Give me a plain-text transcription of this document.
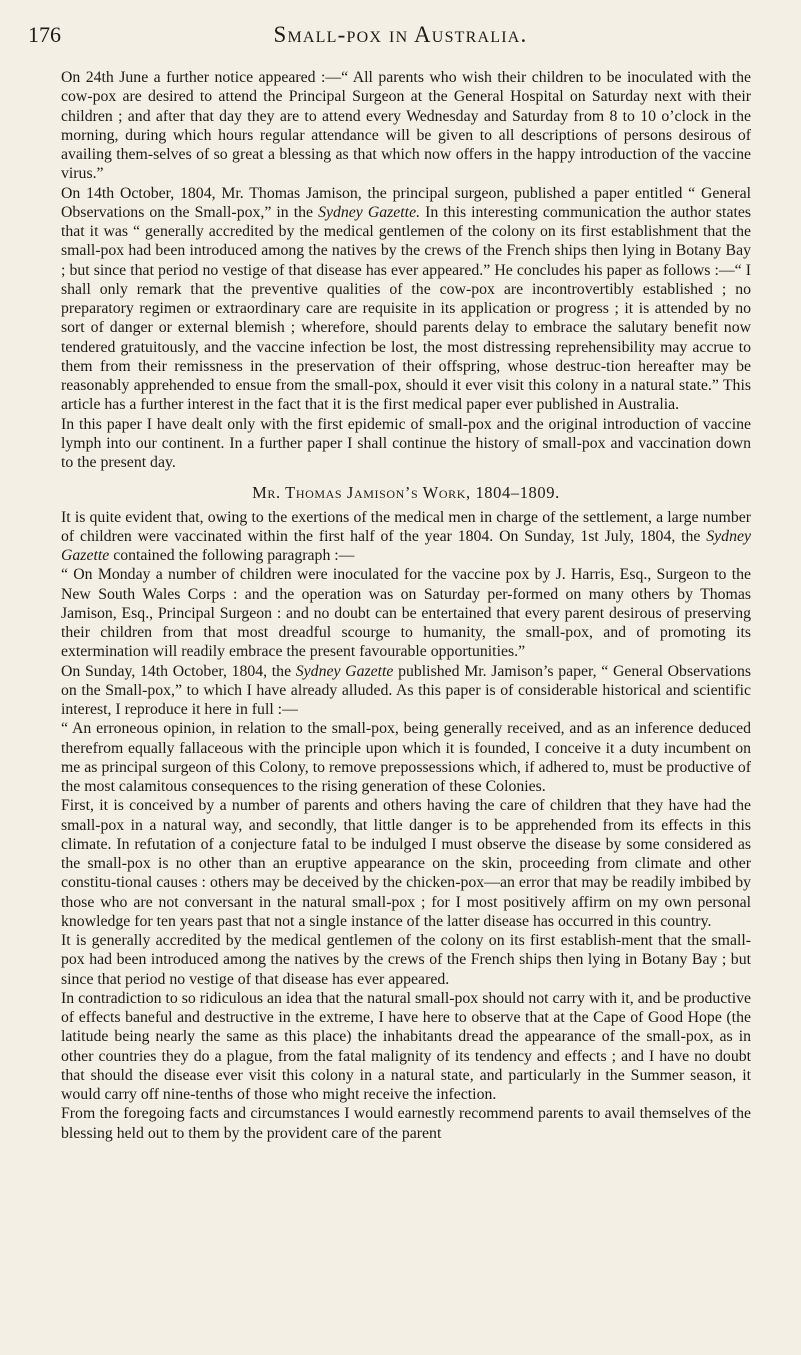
176	Small-pox in Australia.

On 24th June a further notice appeared :—“ All parents who wish their children to be inoculated with the cow-pox are desired to attend the Principal Surgeon at the General Hospital on Saturday next with their children ; and after that day they are to attend every Wednesday and Saturday from 8 to 10 o’clock in the morning, during which hours regular attendance will be given to all descriptions of persons desirous of availing them-selves of so great a blessing as that which now offers in the happy introduction of the vaccine virus.”

On 14th October, 1804, Mr. Thomas Jamison, the principal surgeon, published a paper entitled “ General Observations on the Small-pox,” in the Sydney Gazette. In this interesting communication the author states that it was “ generally accredited by the medical gentlemen of the colony on its first establishment that the small-pox had been introduced among the natives by the crews of the French ships then lying in Botany Bay ; but since that period no vestige of that disease has ever appeared.” He concludes his paper as follows :—“ I shall only remark that the preventive qualities of the cow-pox are incontrovertibly established ; no preparatory regimen or extraordinary care are requisite in its application or progress ; it is attended by no sort of danger or external blemish ; wherefore, should parents delay to embrace the salutary benefit now tendered gratuitously, and the vaccine infection be lost, the most distressing reprehensibility may accrue to them from their remissness in the preservation of their offspring, whose destruc-tion hereafter may be reasonably apprehended to ensue from the small-pox, should it ever visit this colony in a natural state.” This article has a further interest in the fact that it is the first medical paper ever published in Australia.

In this paper I have dealt only with the first epidemic of small-pox and the original introduction of vaccine lymph into our continent. In a further paper I shall continue the history of small-pox and vaccination down to the present day.

Mr. Thomas Jamison’s Work, 1804–1809.

It is quite evident that, owing to the exertions of the medical men in charge of the settlement, a large number of children were vaccinated within the first half of the year 1804. On Sunday, 1st July, 1804, the Sydney Gazette contained the following paragraph :—

“ On Monday a number of children were inoculated for the vaccine pox by J. Harris, Esq., Surgeon to the New South Wales Corps : and the operation was on Saturday per-formed on many others by Thomas Jamison, Esq., Principal Surgeon : and no doubt can be entertained that every parent desirous of preserving their children from that most dreadful scourge to humanity, the small-pox, and of promoting its extermination will readily embrace the present favourable opportunities.”

On Sunday, 14th October, 1804, the Sydney Gazette published Mr. Jamison’s paper, “ General Observations on the Small-pox,” to which I have already alluded. As this paper is of considerable historical and scientific interest, I reproduce it here in full :—

“ An erroneous opinion, in relation to the small-pox, being generally received, and as an inference deduced therefrom equally fallaceous with the principle upon which it is founded, I conceive it a duty incumbent on me as principal surgeon of this Colony, to remove prepossessions which, if adhered to, must be productive of the most calamitous consequences to the rising generation of these Colonies.

First, it is conceived by a number of parents and others having the care of children that they have had the small-pox in a natural way, and secondly, that little danger is to be apprehended from its effects in this climate. In refutation of a conjecture fatal to be indulged I must observe the disease by some considered as the small-pox is no other than an eruptive appearance on the skin, proceeding from climate and other constitu-tional causes : others may be deceived by the chicken-pox—an error that may be readily imbibed by those who are not conversant in the natural small-pox ; for I most positively affirm on my own personal knowledge for ten years past that not a single instance of the latter disease has occurred in this country.

It is generally accredited by the medical gentlemen of the colony on its first establish-ment that the small-pox had been introduced among the natives by the crews of the French ships then lying in Botany Bay ; but since that period no vestige of that disease has ever appeared.

In contradiction to so ridiculous an idea that the natural small-pox should not carry with it, and be productive of effects baneful and destructive in the extreme, I have here to observe that at the Cape of Good Hope (the latitude being nearly the same as this place) the inhabitants dread the appearance of the small-pox, as in other countries they do a plague, from the fatal malignity of its tendency and effects ; and I have no doubt that should the disease ever visit this colony in a natural state, and particularly in the Summer season, it would carry off nine-tenths of those who might receive the infection.

From the foregoing facts and circumstances I would earnestly recommend parents to avail themselves of the blessing held out to them by the provident care of the parent
